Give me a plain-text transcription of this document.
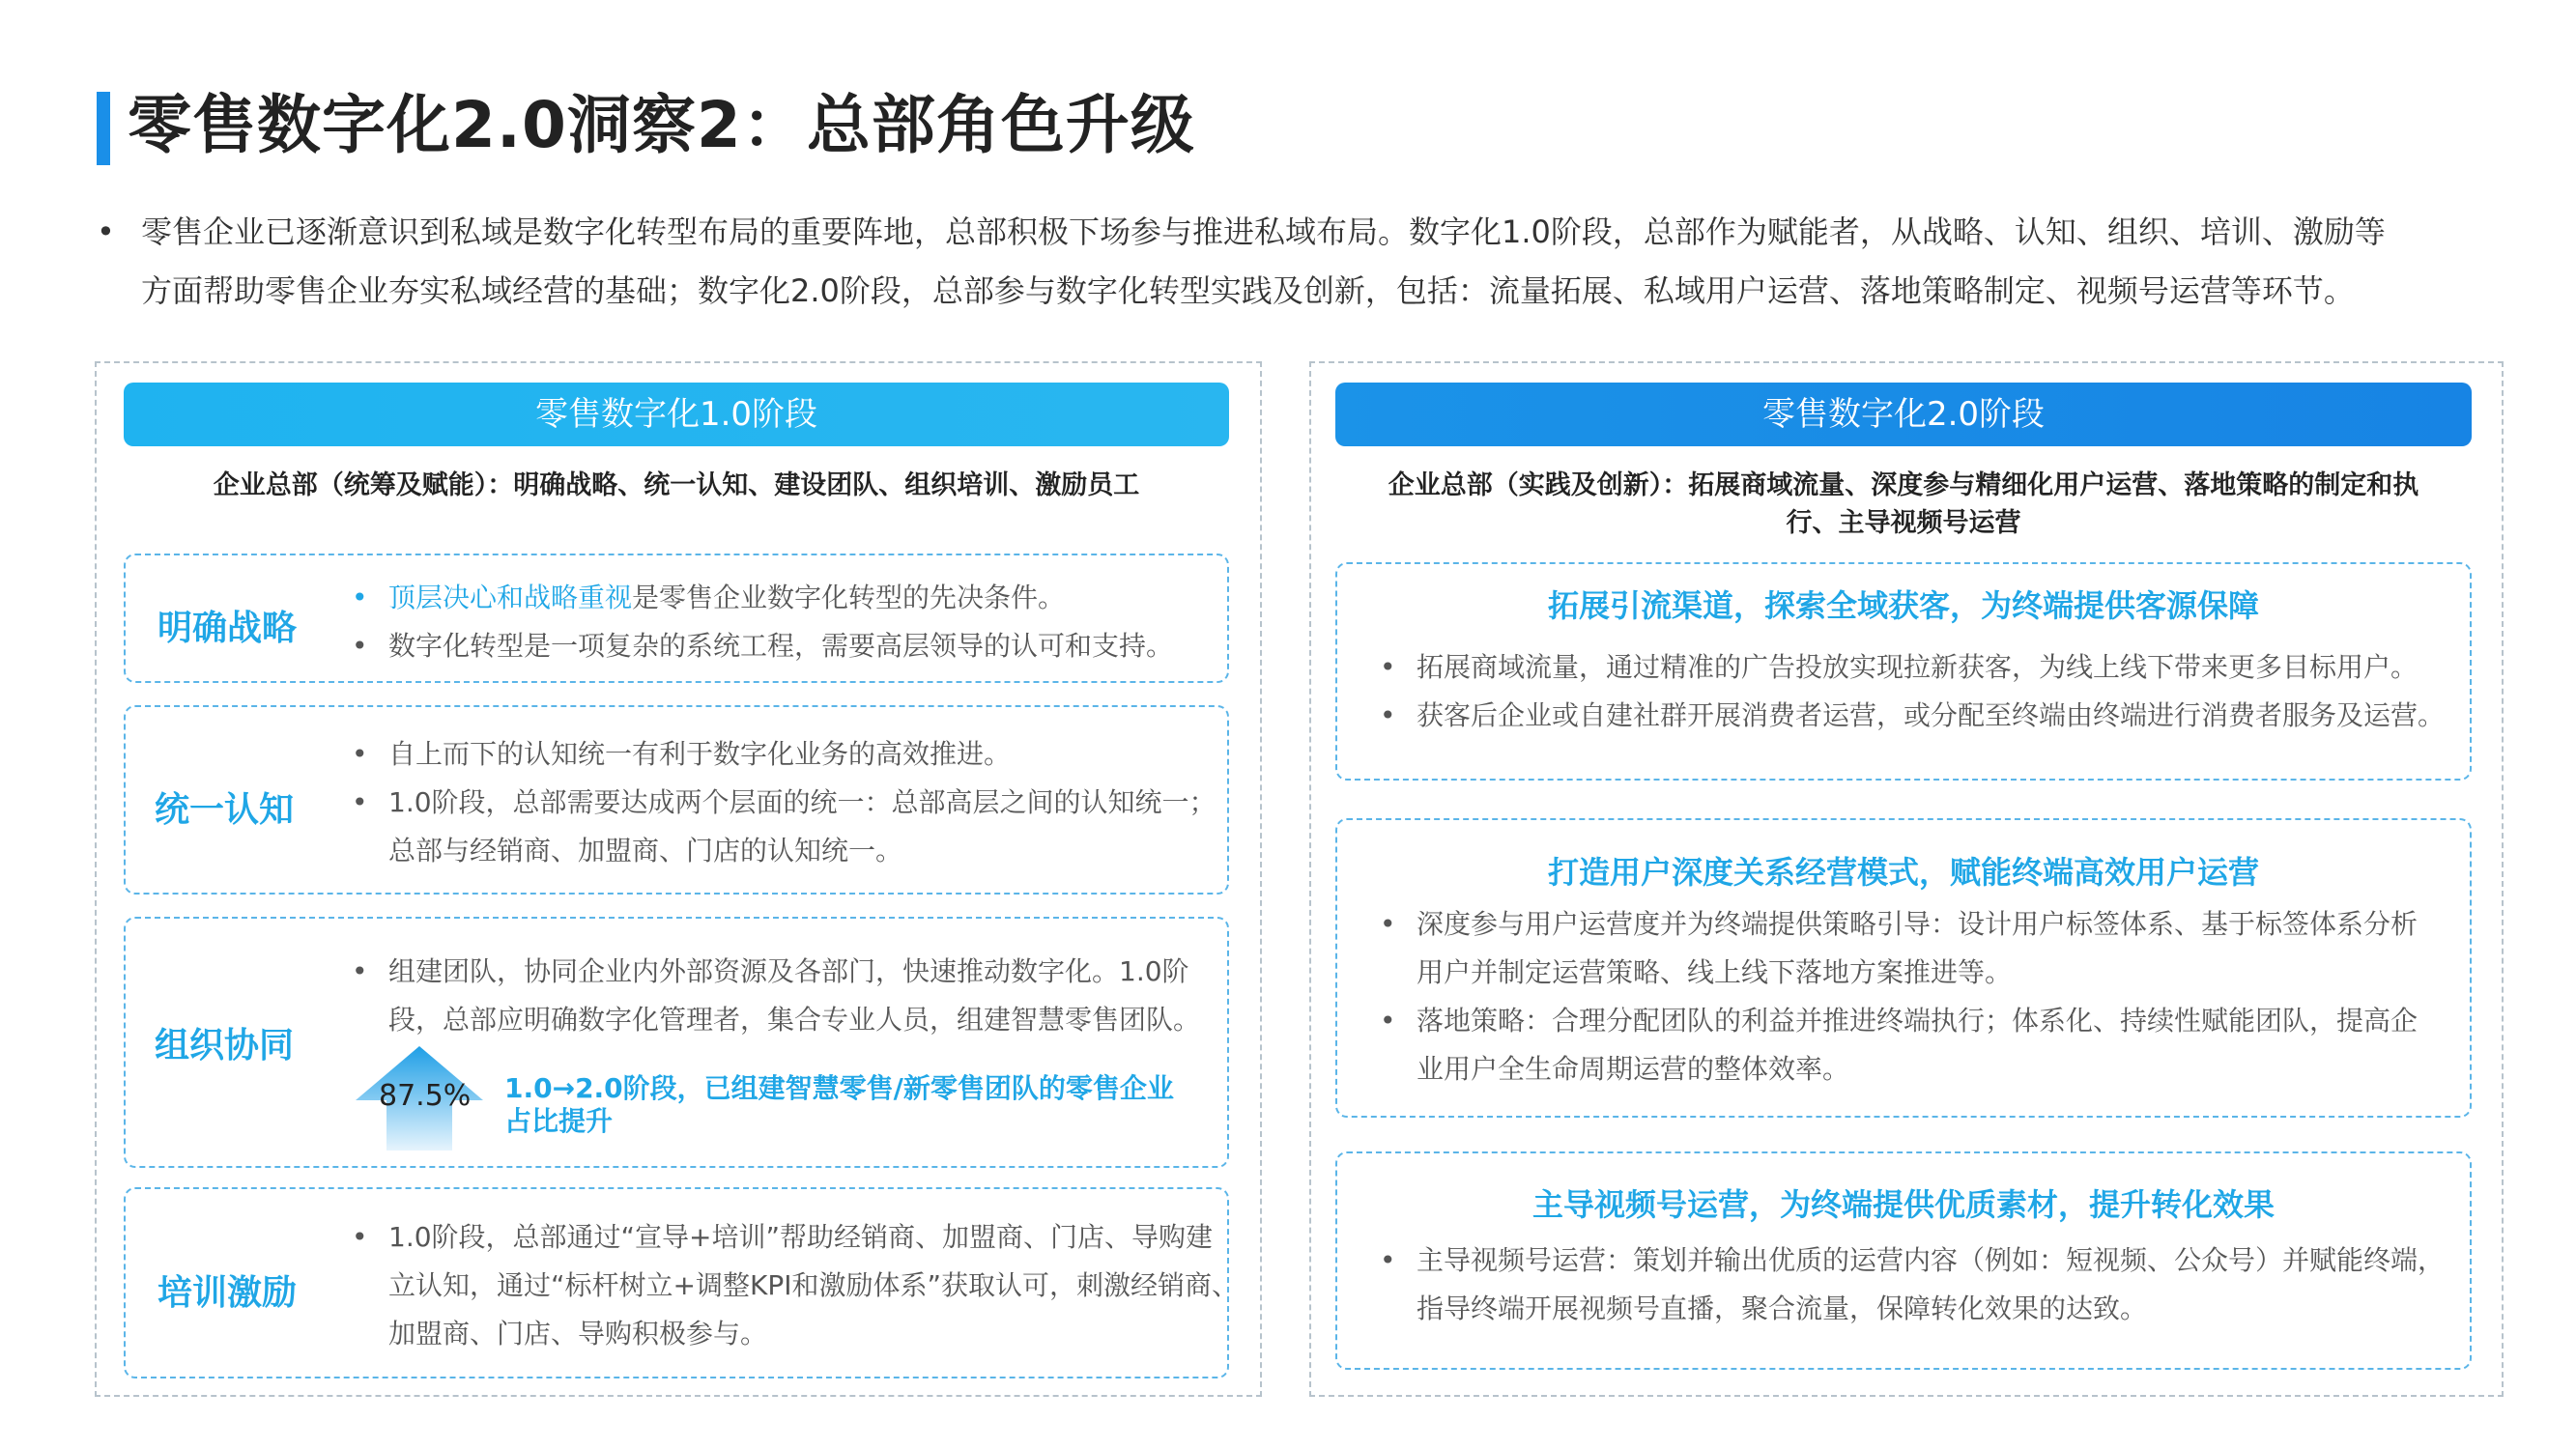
零售数字化2.0洞察2：总部角色升级
• 零售企业已逐渐意识到私域是数字化转型布局的重要阵地，总部积极下场参与推进私域布局。数字化1.0阶段，总部作为赋能者，从战略、认知、组织、培训、激励等
方面帮助零售企业夯实私域经营的基础；数字化2.0阶段，总部参与数字化转型实践及创新，包括：流量拓展、私域用户运营、落地策略制定、视频号运营等环节。
零售数字化1.0阶段
企业总部（统筹及赋能）：明确战略、统一认知、建设团队、组织培训、激励员工
明确战略
• 顶层决心和战略重视是零售企业数字化转型的先决条件。
• 数字化转型是一项复杂的系统工程，需要高层领导的认可和支持。
统一认知
• 自上而下的认知统一有利于数字化业务的高效推进。
• 1.0阶段，总部需要达成两个层面的统一：总部高层之间的认知统一；
总部与经销商、加盟商、门店的认知统一。
组织协同
• 组建团队，协同企业内外部资源及各部门，快速推动数字化。1.0阶
段，总部应明确数字化管理者，集合专业人员，组建智慧零售团队。
87.5% 1.0→2.0阶段，已组建智慧零售/新零售团队的零售企业
占比提升
培训激励
• 1.0阶段，总部通过“宣导+培训”帮助经销商、加盟商、门店、导购建
立认知，通过“标杆树立+调整KPI和激励体系”获取认可，刺激经销商、
加盟商、门店、导购积极参与。
零售数字化2.0阶段
企业总部（实践及创新）：拓展商域流量、深度参与精细化用户运营、落地策略的制定和执
行、主导视频号运营
拓展引流渠道，探索全域获客，为终端提供客源保障
• 拓展商域流量，通过精准的广告投放实现拉新获客，为线上线下带来更多目标用户。
• 获客后企业或自建社群开展消费者运营，或分配至终端由终端进行消费者服务及运营。
打造用户深度关系经营模式，赋能终端高效用户运营
• 深度参与用户运营度并为终端提供策略引导：设计用户标签体系、基于标签体系分析
用户并制定运营策略、线上线下落地方案推进等。
• 落地策略：合理分配团队的利益并推进终端执行；体系化、持续性赋能团队，提高企
业用户全生命周期运营的整体效率。
主导视频号运营，为终端提供优质素材，提升转化效果
• 主导视频号运营：策划并输出优质的运营内容（例如：短视频、公众号）并赋能终端，
指导终端开展视频号直播，聚合流量，保障转化效果的达致。
